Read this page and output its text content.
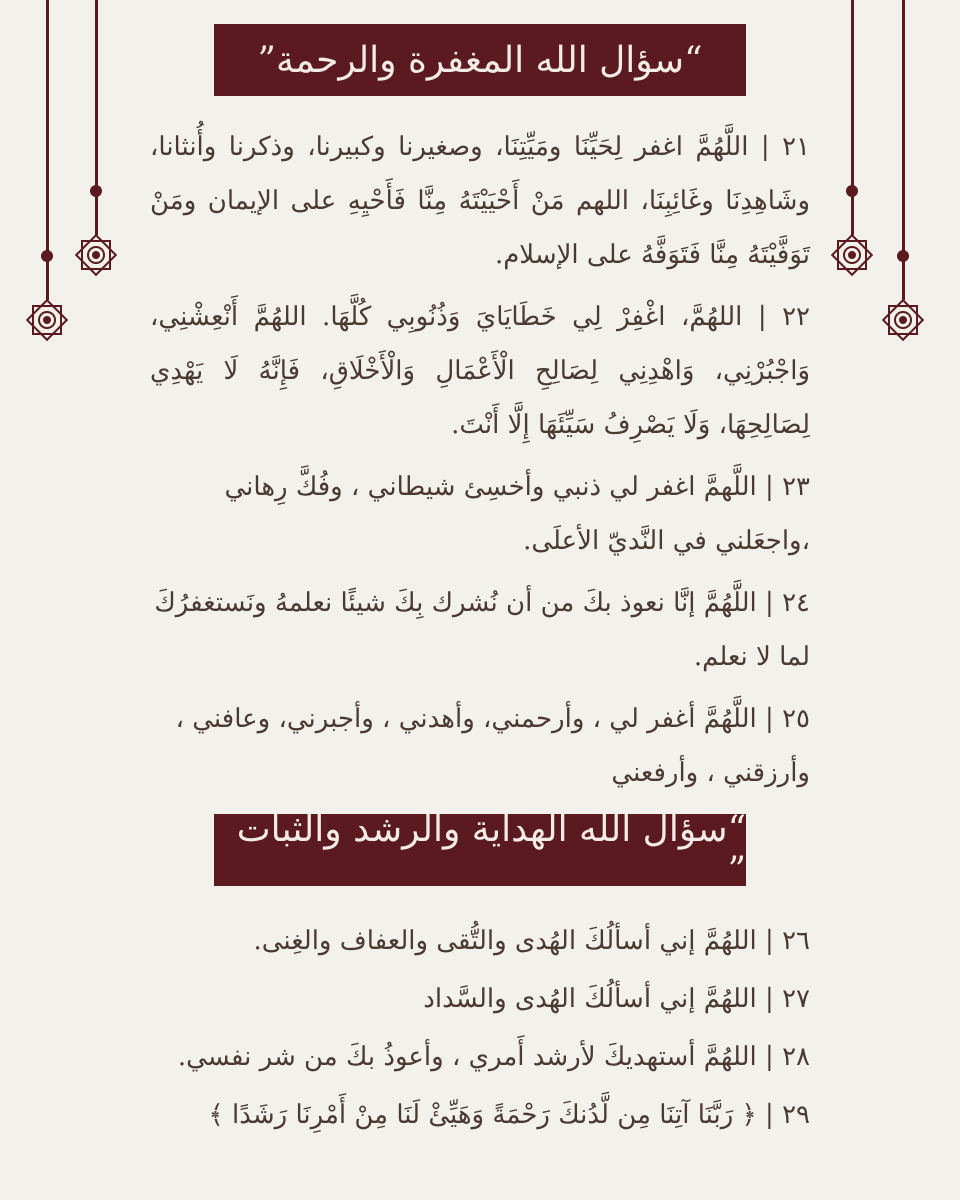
“سؤال الله المغفرة والرحمة”

٢١ | اللَّهُمَّ اغفر لِحَيِّنَا ومَيِّتِنَا، وصغيرنا وكبيرنا، وذكرنا وأُنثانا، وشَاهِدِنَا وغَائِبِنَا، اللهم مَنْ أَحْيَيْتَهُ مِنَّا فَأَحْيِهِ على الإيمان ومَنْ تَوَفَّيْتَهُ مِنَّا فَتَوَفَّهُ على الإسلام.

٢٢ | اللهُمَّ، اغْفِرْ لِي خَطَايَايَ وَذُنُوبِي كُلَّهَا. اللهُمَّ أَنْعِشْنِي، وَاجْبُرْنِي، وَاهْدِنِي لِصَالِحِ الْأَعْمَالِ وَالْأَخْلَاقِ، فَإِنَّهُ لَا يَهْدِي لِصَالِحِهَا، وَلَا يَصْرِفُ سَيِّئَهَا إِلَّا أَنْتَ.

٢٣ | اللَّهمَّ اغفر لي ذنبي وأخسِئ شيطاني ، وفُكَّ رِهاني ،واجعَلني في النَّديّ الأعلَى.

٢٤ | اللَّهُمَّ إنَّا نعوذ بكَ من أن نُشرك بِكَ شيئًا نعلمهُ ونَستغفرُكَ لما لا نعلم.

٢٥ | اللَّهُمَّ أغفر لي ، وأرحمني، وأهدني ، وأجبرني، وعافني ، وأرزقني ، وأرفعني

“سؤال الله الهداية والرشد والثبات ”

٢٦ | اللهُمَّ إني أسألُكَ الهُدى والتُّقى والعفاف والغِنى.

٢٧ | اللهُمَّ إني أسألُكَ الهُدى والسَّداد

٢٨ | اللهُمَّ أستهديكَ لأرشد أَمري ، وأعوذُ بكَ من شر نفسي.

٢٩ | ﴿ رَبَّنَا آتِنَا مِن لَّدُنكَ رَحْمَةً وَهَيِّئْ لَنَا مِنْ أَمْرِنَا رَشَدًا ﴾
